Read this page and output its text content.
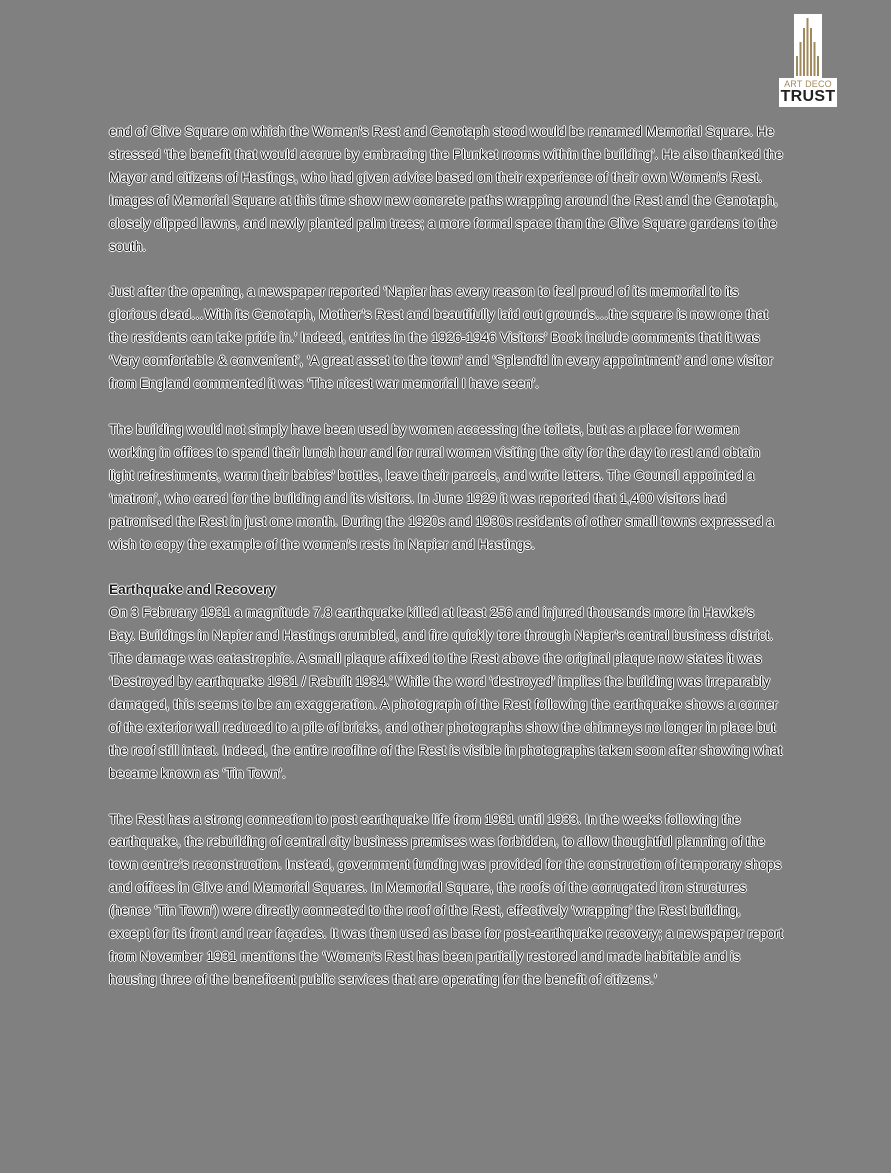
ART DECO
TRUST

end of Clive Square on which the Women’s Rest and Cenotaph stood would be renamed Memorial Square. He stressed ‘the benefit that would accrue by embracing the Plunket rooms within the building’. He also thanked the Mayor and citizens of Hastings, who had given advice based on their experience of their own Women’s Rest. Images of Memorial Square at this time show new concrete paths wrapping around the Rest and the Cenotaph, closely clipped lawns, and newly planted palm trees; a more formal space than the Clive Square gardens to the south.

Just after the opening, a newspaper reported ‘Napier has every reason to feel proud of its memorial to its glorious dead…With its Cenotaph, Mother’s Rest and beautifully laid out grounds…the square is now one that the residents can take pride in.’ Indeed, entries in the 1926-1946 Visitors’ Book include comments that it was ‘Very comfortable & convenient’, ‘A great asset to the town’ and ‘Splendid in every appointment’ and one visitor from England commented it was ‘The nicest war memorial I have seen’.

The building would not simply have been used by women accessing the toilets, but as a place for women working in offices to spend their lunch hour and for rural women visiting the city for the day to rest and obtain light refreshments, warm their babies’ bottles, leave their parcels, and write letters. The Council appointed a ‘matron’, who cared for the building and its visitors. In June 1929 it was reported that 1,400 visitors had patronised the Rest in just one month. During the 1920s and 1930s residents of other small towns expressed a wish to copy the example of the women’s rests in Napier and Hastings.

Earthquake and Recovery

On 3 February 1931 a magnitude 7.8 earthquake killed at least 256 and injured thousands more in Hawke’s Bay. Buildings in Napier and Hastings crumbled, and fire quickly tore through Napier’s central business district. The damage was catastrophic. A small plaque affixed to the Rest above the original plaque now states it was ‘Destroyed by earthquake 1931 / Rebuilt 1934.’ While the word ‘destroyed’ implies the building was irreparably damaged, this seems to be an exaggeration. A photograph of the Rest following the earthquake shows a corner of the exterior wall reduced to a pile of bricks, and other photographs show the chimneys no longer in place but the roof still intact. Indeed, the entire roofline of the Rest is visible in photographs taken soon after showing what became known as ‘Tin Town’.

The Rest has a strong connection to post earthquake life from 1931 until 1933. In the weeks following the earthquake, the rebuilding of central city business premises was forbidden, to allow thoughtful planning of the town centre’s reconstruction. Instead, government funding was provided for the construction of temporary shops and offices in Clive and Memorial Squares. In Memorial Square, the roofs of the corrugated iron structures (hence ‘Tin Town’) were directly connected to the roof of the Rest, effectively ‘wrapping’ the Rest building, except for its front and rear façades. It was then used as base for post-earthquake recovery; a newspaper report from November 1931 mentions the ‘Women’s Rest has been partially restored and made habitable and is housing three of the beneficent public services that are operating for the benefit of citizens.’
